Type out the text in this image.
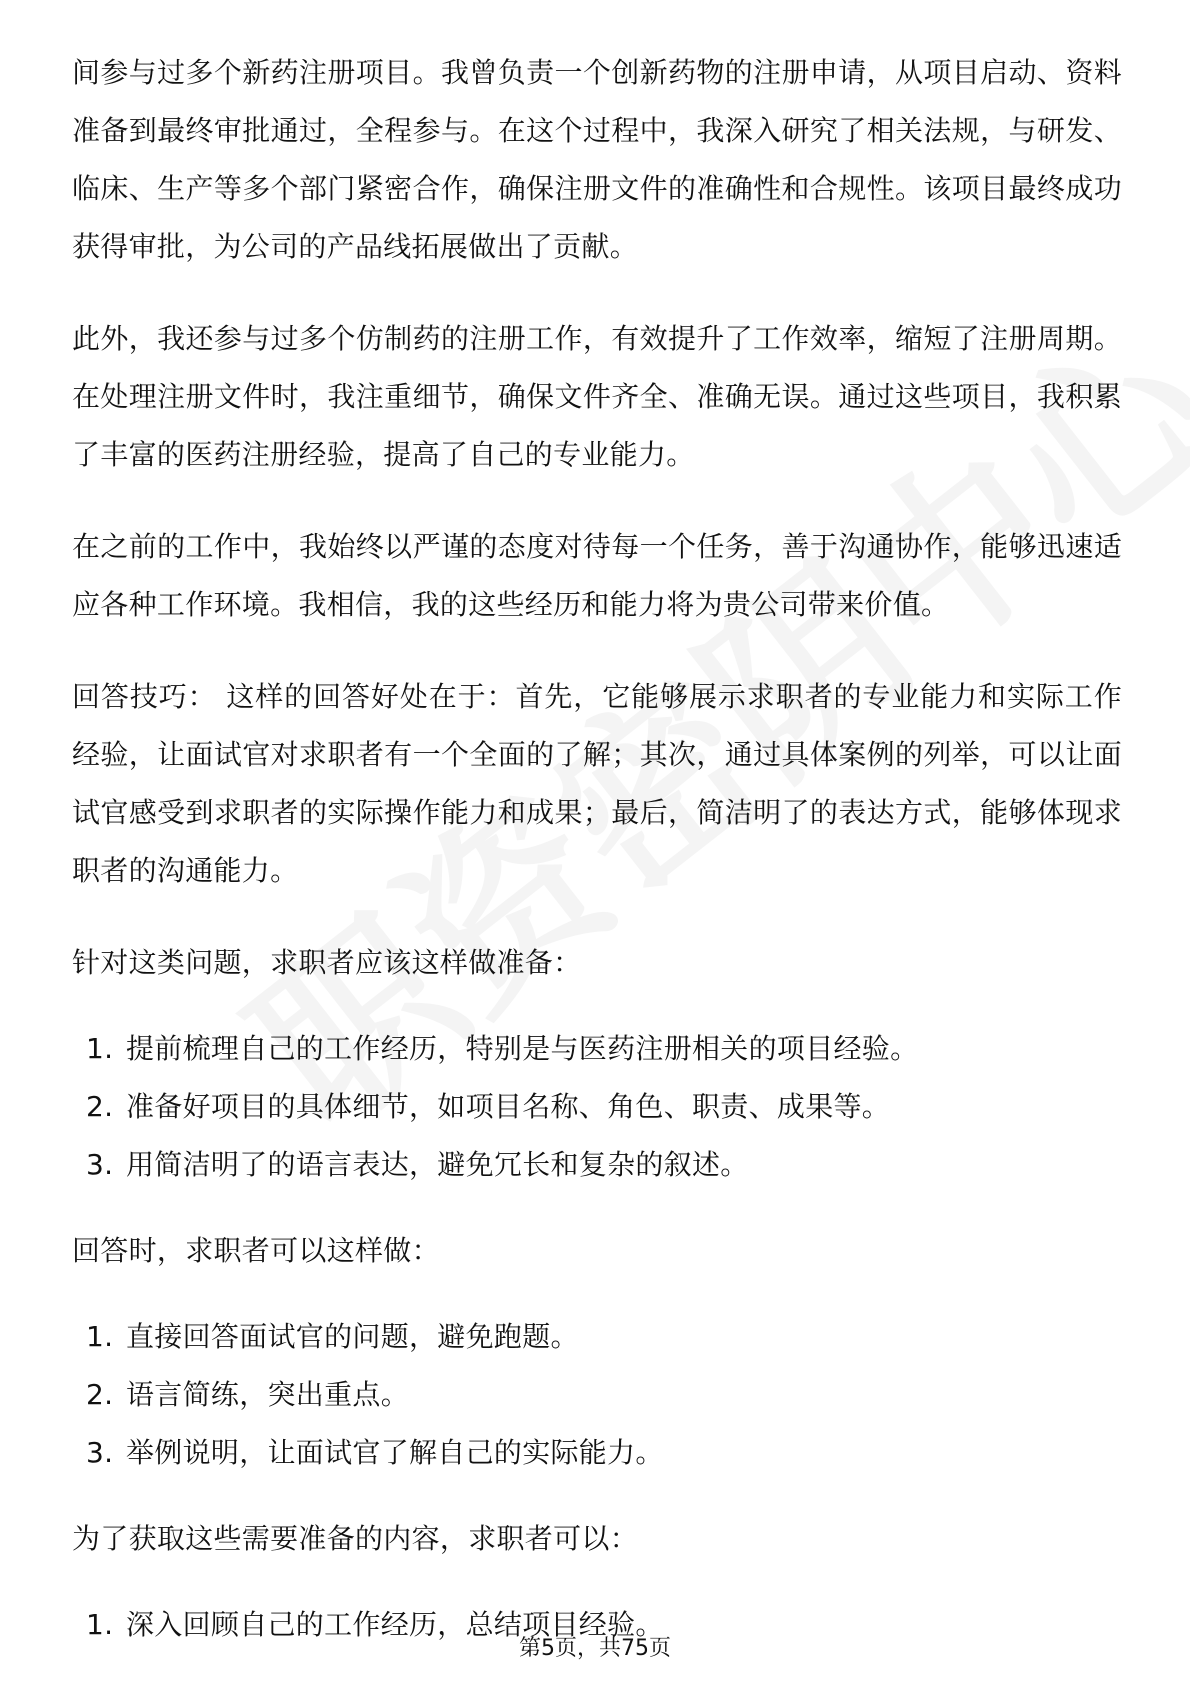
间参与过多个新药注册项目。我曾负责一个创新药物的注册申请，从项目启动、资料准备到最终审批通过，全程参与。在这个过程中，我深入研究了相关法规，与研发、临床、生产等多个部门紧密合作，确保注册文件的准确性和合规性。该项目最终成功获得审批，为公司的产品线拓展做出了贡献。

此外，我还参与过多个仿制药的注册工作，有效提升了工作效率，缩短了注册周期。在处理注册文件时，我注重细节，确保文件齐全、准确无误。通过这些项目，我积累了丰富的医药注册经验，提高了自己的专业能力。

在之前的工作中，我始终以严谨的态度对待每一个任务，善于沟通协作，能够迅速适应各种工作环境。我相信，我的这些经历和能力将为贵公司带来价值。

回答技巧： 这样的回答好处在于：首先，它能够展示求职者的专业能力和实际工作经验，让面试官对求职者有一个全面的了解；其次，通过具体案例的列举，可以让面试官感受到求职者的实际操作能力和成果；最后，简洁明了的表达方式，能够体现求职者的沟通能力。

针对这类问题，求职者应该这样做准备：

1. 提前梳理自己的工作经历，特别是与医药注册相关的项目经验。
2. 准备好项目的具体细节，如项目名称、角色、职责、成果等。
3. 用简洁明了的语言表达，避免冗长和复杂的叙述。

回答时，求职者可以这样做：

1. 直接回答面试官的问题，避免跑题。
2. 语言简练，突出重点。
3. 举例说明，让面试官了解自己的实际能力。

为了获取这些需要准备的内容，求职者可以：

1. 深入回顾自己的工作经历，总结项目经验。
第5页，共75页
